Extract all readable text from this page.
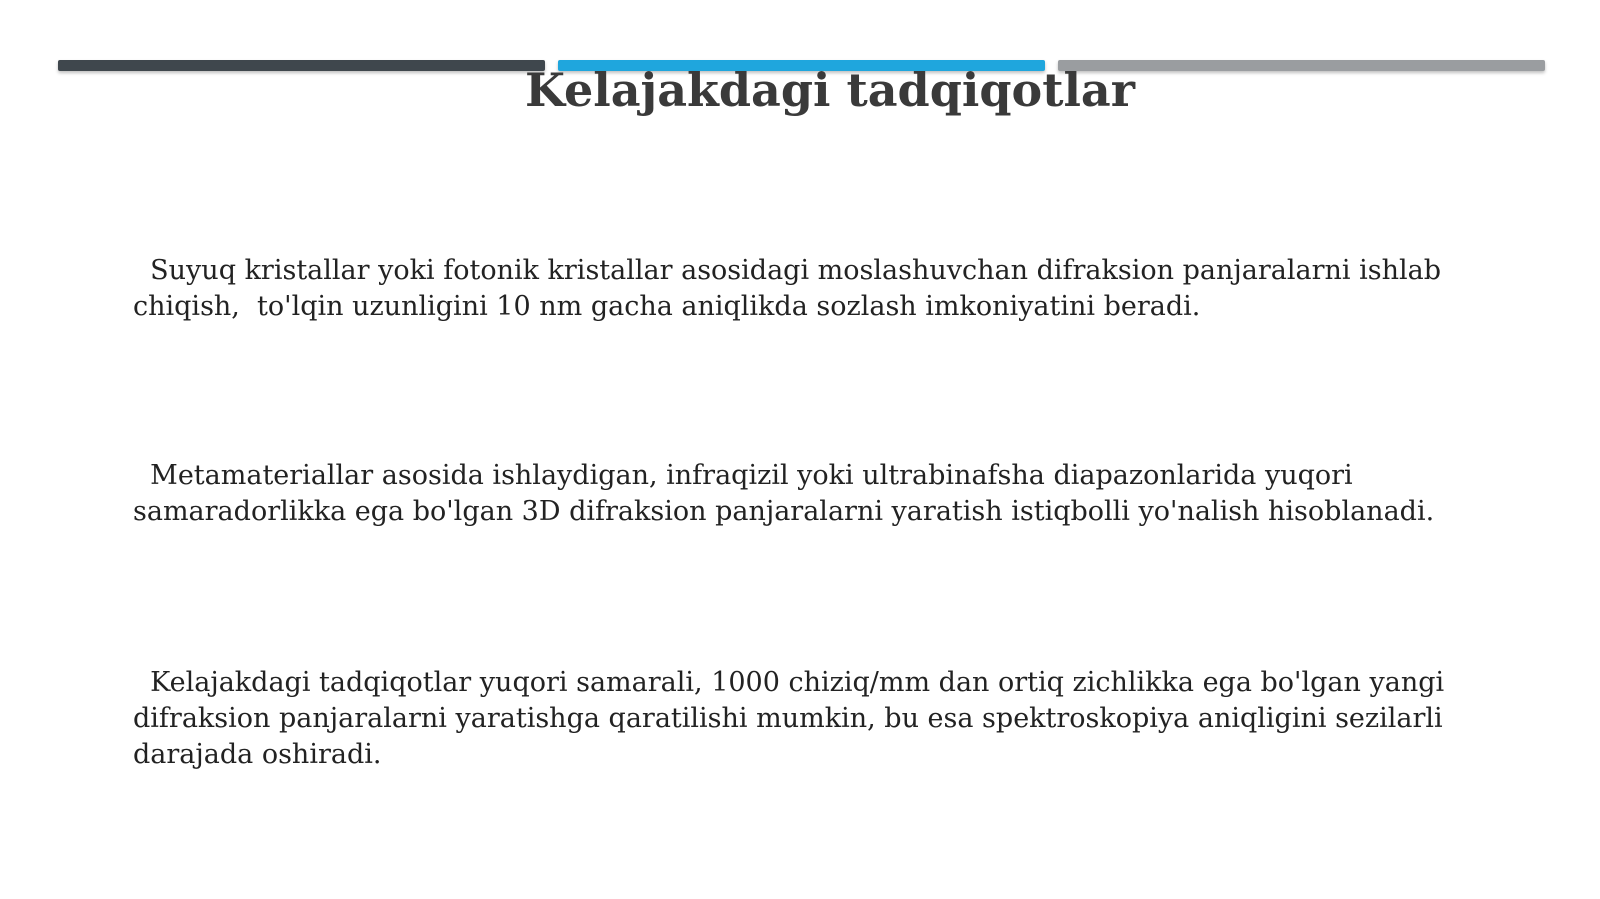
Kelajakdagi tadqiqotlar

Suyuq kristallar yoki fotonik kristallar asosidagi moslashuvchan difraksion panjaralarni ishlab chiqish,  to'lqin uzunligini 10 nm gacha aniqlikda sozlash imkoniyatini beradi.

Metamateriallar asosida ishlaydigan, infraqizil yoki ultrabinafsha diapazonlarida yuqori samaradorlikka ega bo'lgan 3D difraksion panjaralarni yaratish istiqbolli yo'nalish hisoblanadi.

Kelajakdagi tadqiqotlar yuqori samarali, 1000 chiziq/mm dan ortiq zichlikka ega bo'lgan yangi difraksion panjaralarni yaratishga qaratilishi mumkin, bu esa spektroskopiya aniqligini sezilarli darajada oshiradi.
